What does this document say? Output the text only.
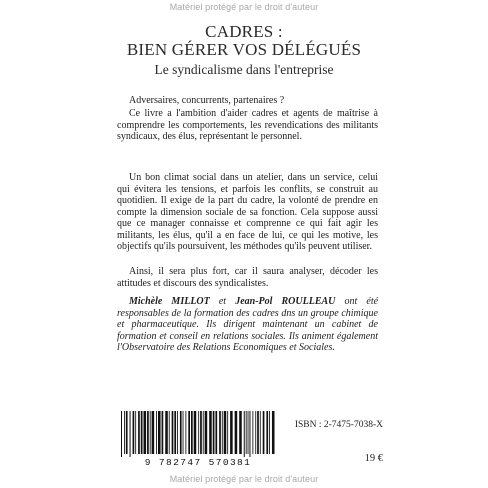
Matériel protégé par le droit d'auteur
CADRES :
BIEN GÉRER VOS DÉLÉGUÉS
Le syndicalisme dans l'entreprise

Adversaires, concurrents, partenaires ?

Ce livre a l'ambition d'aider cadres et agents de maîtrise à comprendre les comportements, les revendications des militants syndicaux, des élus, représentant le personnel.

Un bon climat social dans un atelier, dans un service, celui qui évitera les tensions, et parfois les conflits, se construit au quotidien. Il exige de la part du cadre, la volonté de prendre en compte la dimension sociale de sa fonction. Cela suppose aussi que ce manager connaisse et comprenne ce qui fait agir les militants, les élus, qu'il a en face de lui, ce qui les motive, les objectifs qu'ils poursuivent, les méthodes qu'ils peuvent utiliser.

Ainsi, il sera plus fort, car il saura analyser, décoder les attitudes et discours des syndicalistes.

Michèle MILLOT et Jean-Pol ROULLEAU ont été responsables de la formation des cadres dns un groupe chimique et pharmaceutique. Ils dirigent maintenant un cabinet de formation et conseil en relations sociales. Ils animent également l'Observatoire des Relations Economiques et Sociales.

9 782747 570381
ISBN : 2-7475-7038-X
19 €
Matériel protégé par le droit d'auteur
